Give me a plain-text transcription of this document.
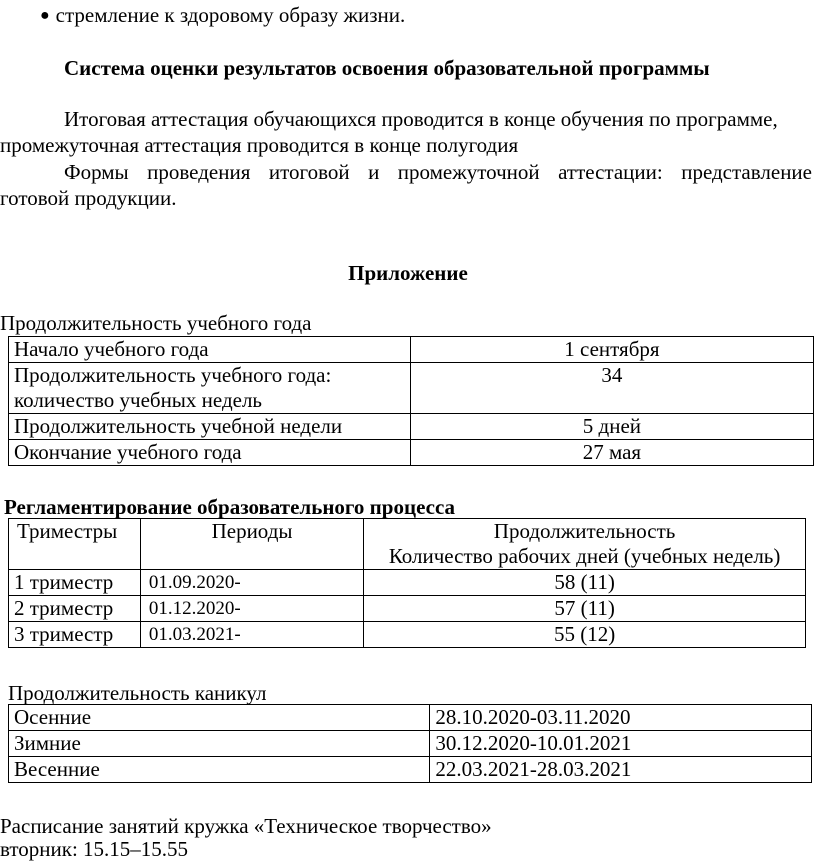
● стремление к здоровому образу жизни.
Система оценки результатов освоения образовательной программы
Итоговая аттестация обучающихся проводится в конце обучения по программе,
промежуточная аттестация проводится в конце полугодия
Формы проведения итоговой и промежуточной аттестации: представление
готовой продукции.
Приложение
Продолжительность учебного года
Начало учебного года	1 сентября

Продолжительность учебного года:
количество учебных недель	34
Продолжительность учебной недели	5 дней
Окончание учебного года	27 мая
Регламентирование образовательного процесса
Триместры	Периоды	Продолжительность
Количество рабочих дней (учебных недель)

1 триместр	01.09.2020-	58 (11)
2 триместр	01.12.2020-	57 (11)
3 триместр	01.03.2021-	55 (12)
Продолжительность каникул
Осенние	28.10.2020-03.11.2020
Зимние	30.12.2020-10.01.2021
Весенние	22.03.2021-28.03.2021
Расписание занятий кружка «Техническое творчество»
вторник: 15.15–15.55
